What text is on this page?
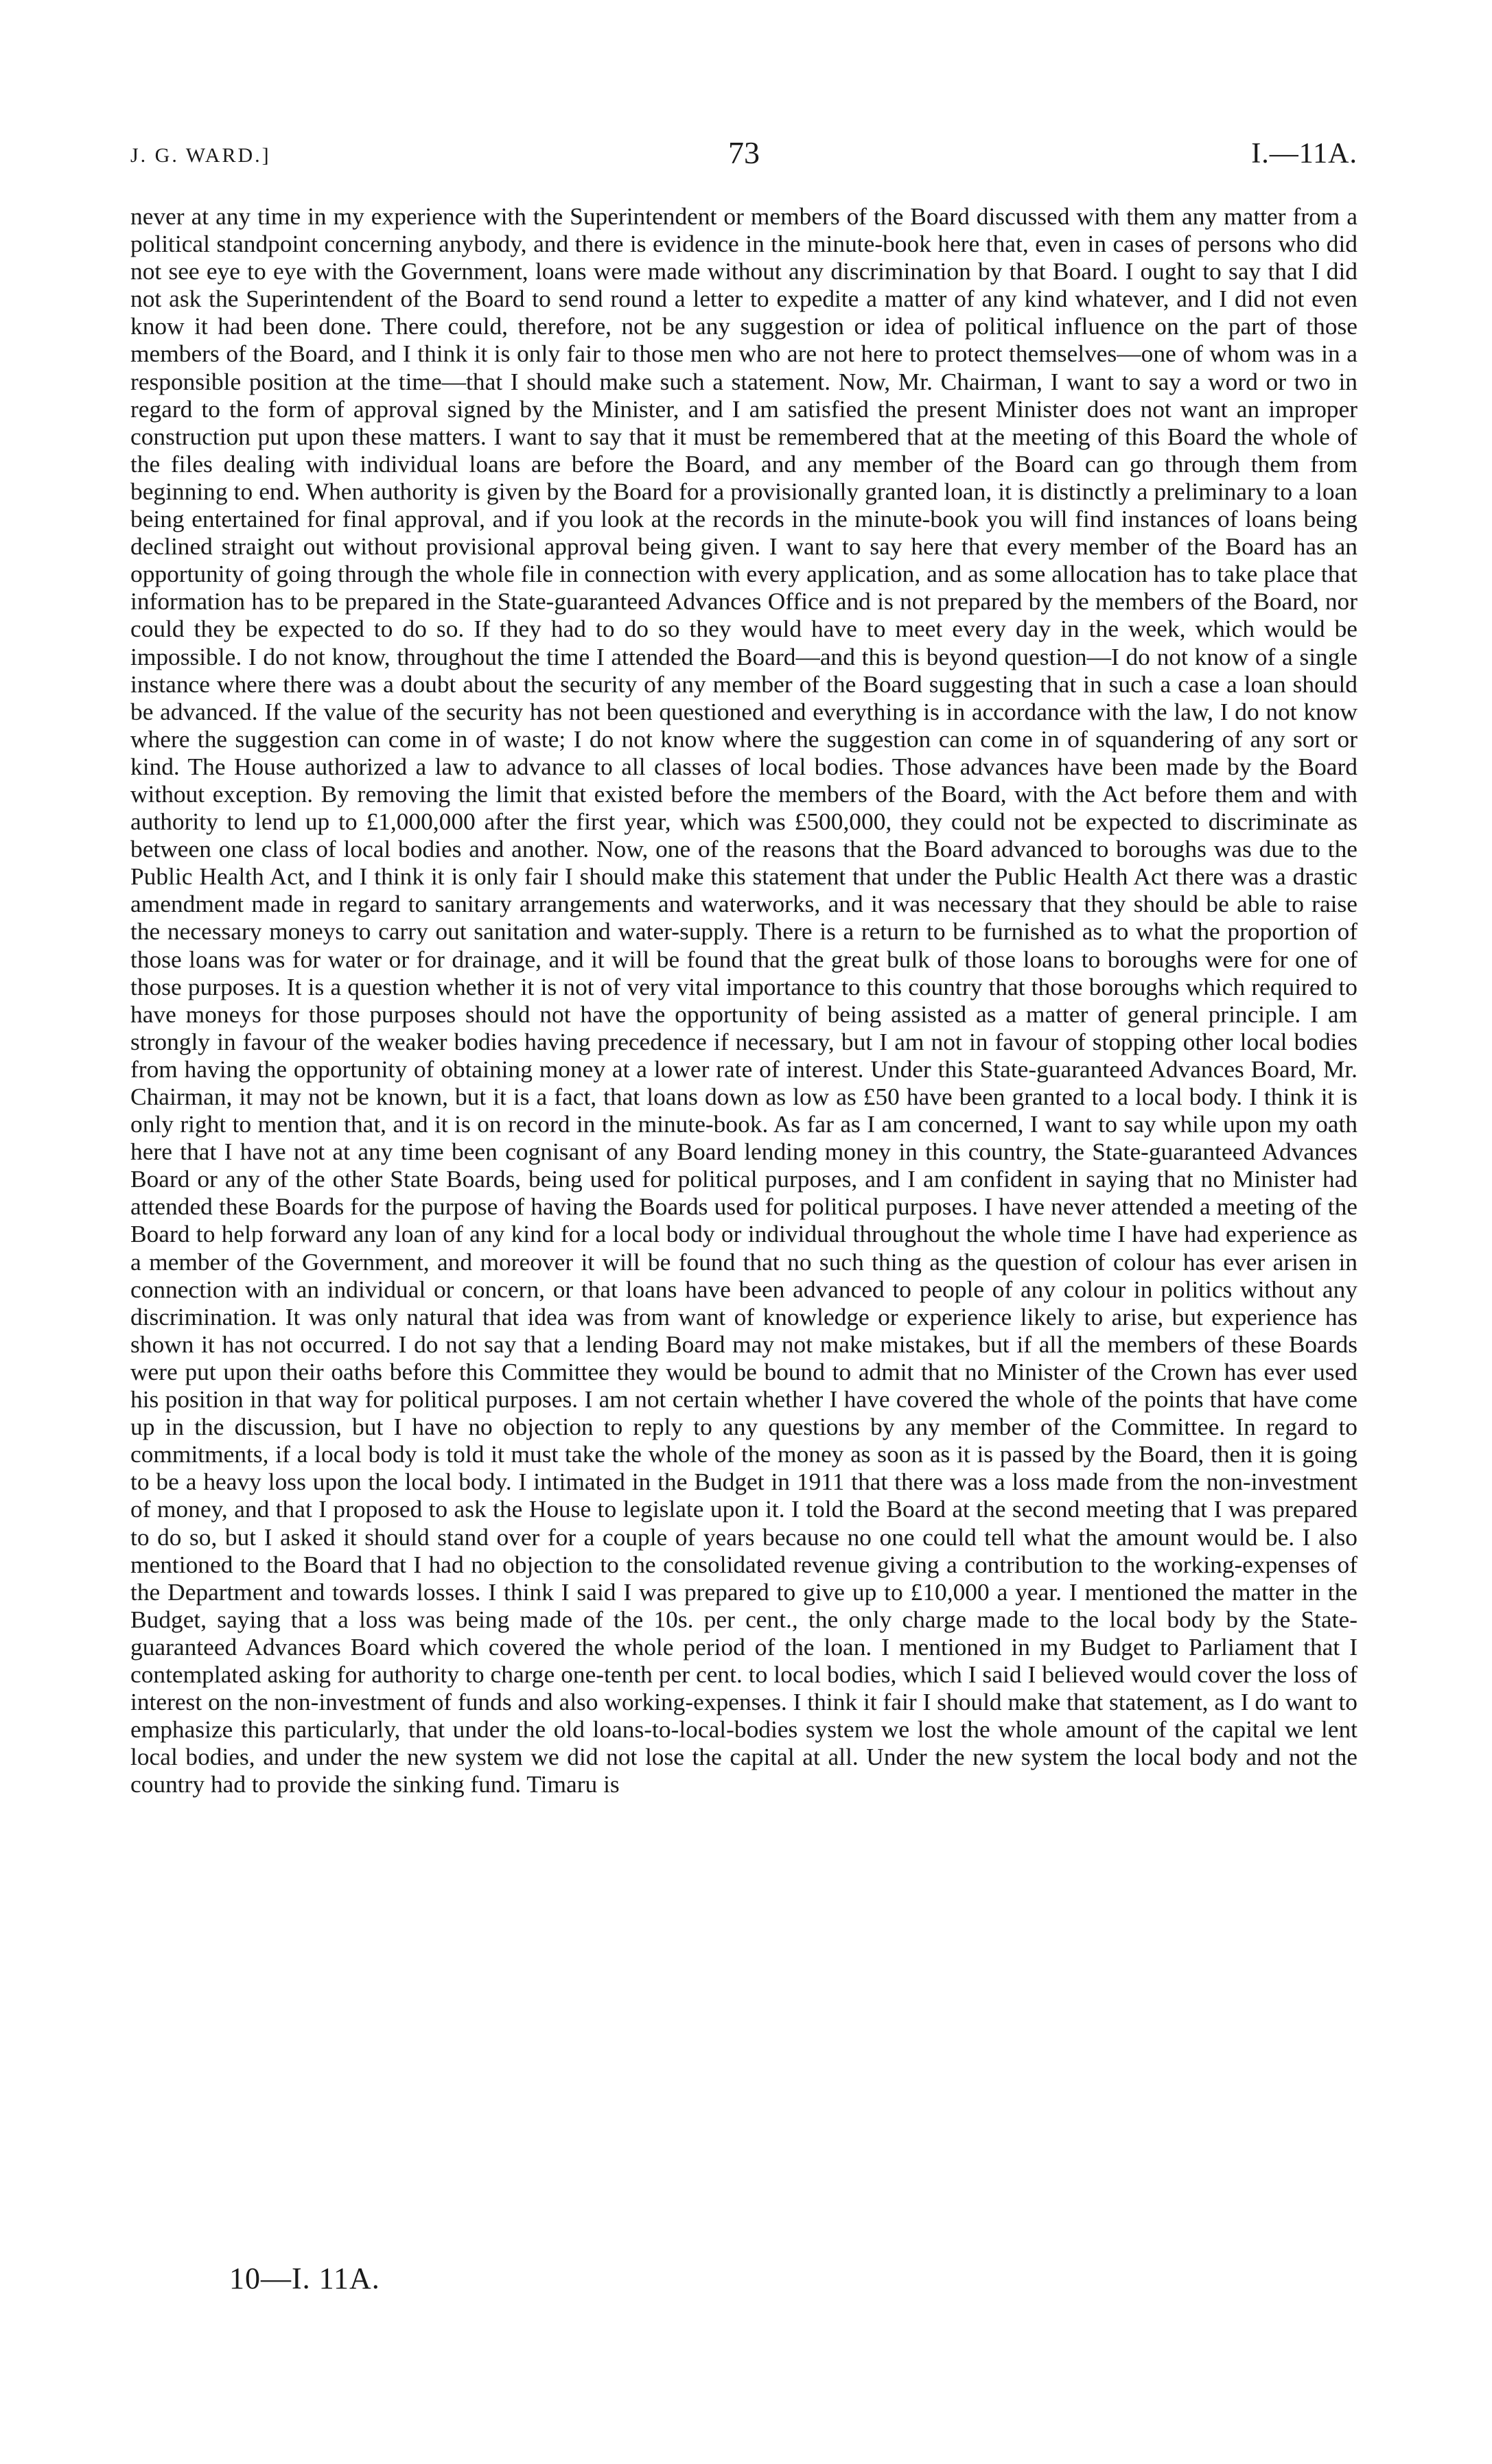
J. G. WARD.]	73	I.—11A.

never at any time in my experience with the Superintendent or members of the Board discussed with them any matter from a political standpoint concerning anybody, and there is evidence in the minute-book here that, even in cases of persons who did not see eye to eye with the Government, loans were made without any discrimination by that Board. I ought to say that I did not ask the Superintendent of the Board to send round a letter to expedite a matter of any kind whatever, and I did not even know it had been done. There could, therefore, not be any suggestion or idea of political influence on the part of those members of the Board, and I think it is only fair to those men who are not here to protect themselves—one of whom was in a responsible position at the time—that I should make such a statement. Now, Mr. Chairman, I want to say a word or two in regard to the form of approval signed by the Minister, and I am satisfied the present Minister does not want an improper construction put upon these matters. I want to say that it must be remembered that at the meeting of this Board the whole of the files dealing with individual loans are before the Board, and any member of the Board can go through them from beginning to end. When authority is given by the Board for a provisionally granted loan, it is distinctly a preliminary to a loan being entertained for final approval, and if you look at the records in the minute-book you will find instances of loans being declined straight out without provisional approval being given. I want to say here that every member of the Board has an opportunity of going through the whole file in connection with every application, and as some allocation has to take place that information has to be prepared in the State-guaranteed Advances Office and is not prepared by the members of the Board, nor could they be expected to do so. If they had to do so they would have to meet every day in the week, which would be impossible. I do not know, throughout the time I attended the Board—and this is beyond question—I do not know of a single instance where there was a doubt about the security of any member of the Board suggesting that in such a case a loan should be advanced. If the value of the security has not been questioned and everything is in accordance with the law, I do not know where the suggestion can come in of waste; I do not know where the suggestion can come in of squandering of any sort or kind. The House authorized a law to advance to all classes of local bodies. Those advances have been made by the Board without exception. By removing the limit that existed before the members of the Board, with the Act before them and with authority to lend up to £1,000,000 after the first year, which was £500,000, they could not be expected to discriminate as between one class of local bodies and another. Now, one of the reasons that the Board advanced to boroughs was due to the Public Health Act, and I think it is only fair I should make this statement that under the Public Health Act there was a drastic amendment made in regard to sanitary arrangements and waterworks, and it was necessary that they should be able to raise the necessary moneys to carry out sanitation and water-supply. There is a return to be furnished as to what the proportion of those loans was for water or for drainage, and it will be found that the great bulk of those loans to boroughs were for one of those purposes. It is a question whether it is not of very vital importance to this country that those boroughs which required to have moneys for those purposes should not have the opportunity of being assisted as a matter of general principle. I am strongly in favour of the weaker bodies having precedence if necessary, but I am not in favour of stopping other local bodies from having the opportunity of obtaining money at a lower rate of interest. Under this State-guaranteed Advances Board, Mr. Chairman, it may not be known, but it is a fact, that loans down as low as £50 have been granted to a local body. I think it is only right to mention that, and it is on record in the minute-book. As far as I am concerned, I want to say while upon my oath here that I have not at any time been cognisant of any Board lending money in this country, the State-guaranteed Advances Board or any of the other State Boards, being used for political purposes, and I am confident in saying that no Minister had attended these Boards for the purpose of having the Boards used for political purposes. I have never attended a meeting of the Board to help forward any loan of any kind for a local body or individual throughout the whole time I have had experience as a member of the Government, and moreover it will be found that no such thing as the question of colour has ever arisen in connection with an individual or concern, or that loans have been advanced to people of any colour in politics without any discrimination. It was only natural that idea was from want of knowledge or experience likely to arise, but experience has shown it has not occurred. I do not say that a lending Board may not make mistakes, but if all the members of these Boards were put upon their oaths before this Committee they would be bound to admit that no Minister of the Crown has ever used his position in that way for political purposes. I am not certain whether I have covered the whole of the points that have come up in the discussion, but I have no objection to reply to any questions by any member of the Committee. In regard to commitments, if a local body is told it must take the whole of the money as soon as it is passed by the Board, then it is going to be a heavy loss upon the local body. I intimated in the Budget in 1911 that there was a loss made from the non-investment of money, and that I proposed to ask the House to legislate upon it. I told the Board at the second meeting that I was prepared to do so, but I asked it should stand over for a couple of years because no one could tell what the amount would be. I also mentioned to the Board that I had no objection to the consolidated revenue giving a contribution to the working-expenses of the Department and towards losses. I think I said I was prepared to give up to £10,000 a year. I mentioned the matter in the Budget, saying that a loss was being made of the 10s. per cent., the only charge made to the local body by the State-guaranteed Advances Board which covered the whole period of the loan. I mentioned in my Budget to Parliament that I contemplated asking for authority to charge one-tenth per cent. to local bodies, which I said I believed would cover the loss of interest on the non-investment of funds and also working-expenses. I think it fair I should make that statement, as I do want to emphasize this particularly, that under the old loans-to-local-bodies system we lost the whole amount of the capital we lent local bodies, and under the new system we did not lose the capital at all. Under the new system the local body and not the country had to provide the sinking fund. Timaru is

10—I. 11A.
